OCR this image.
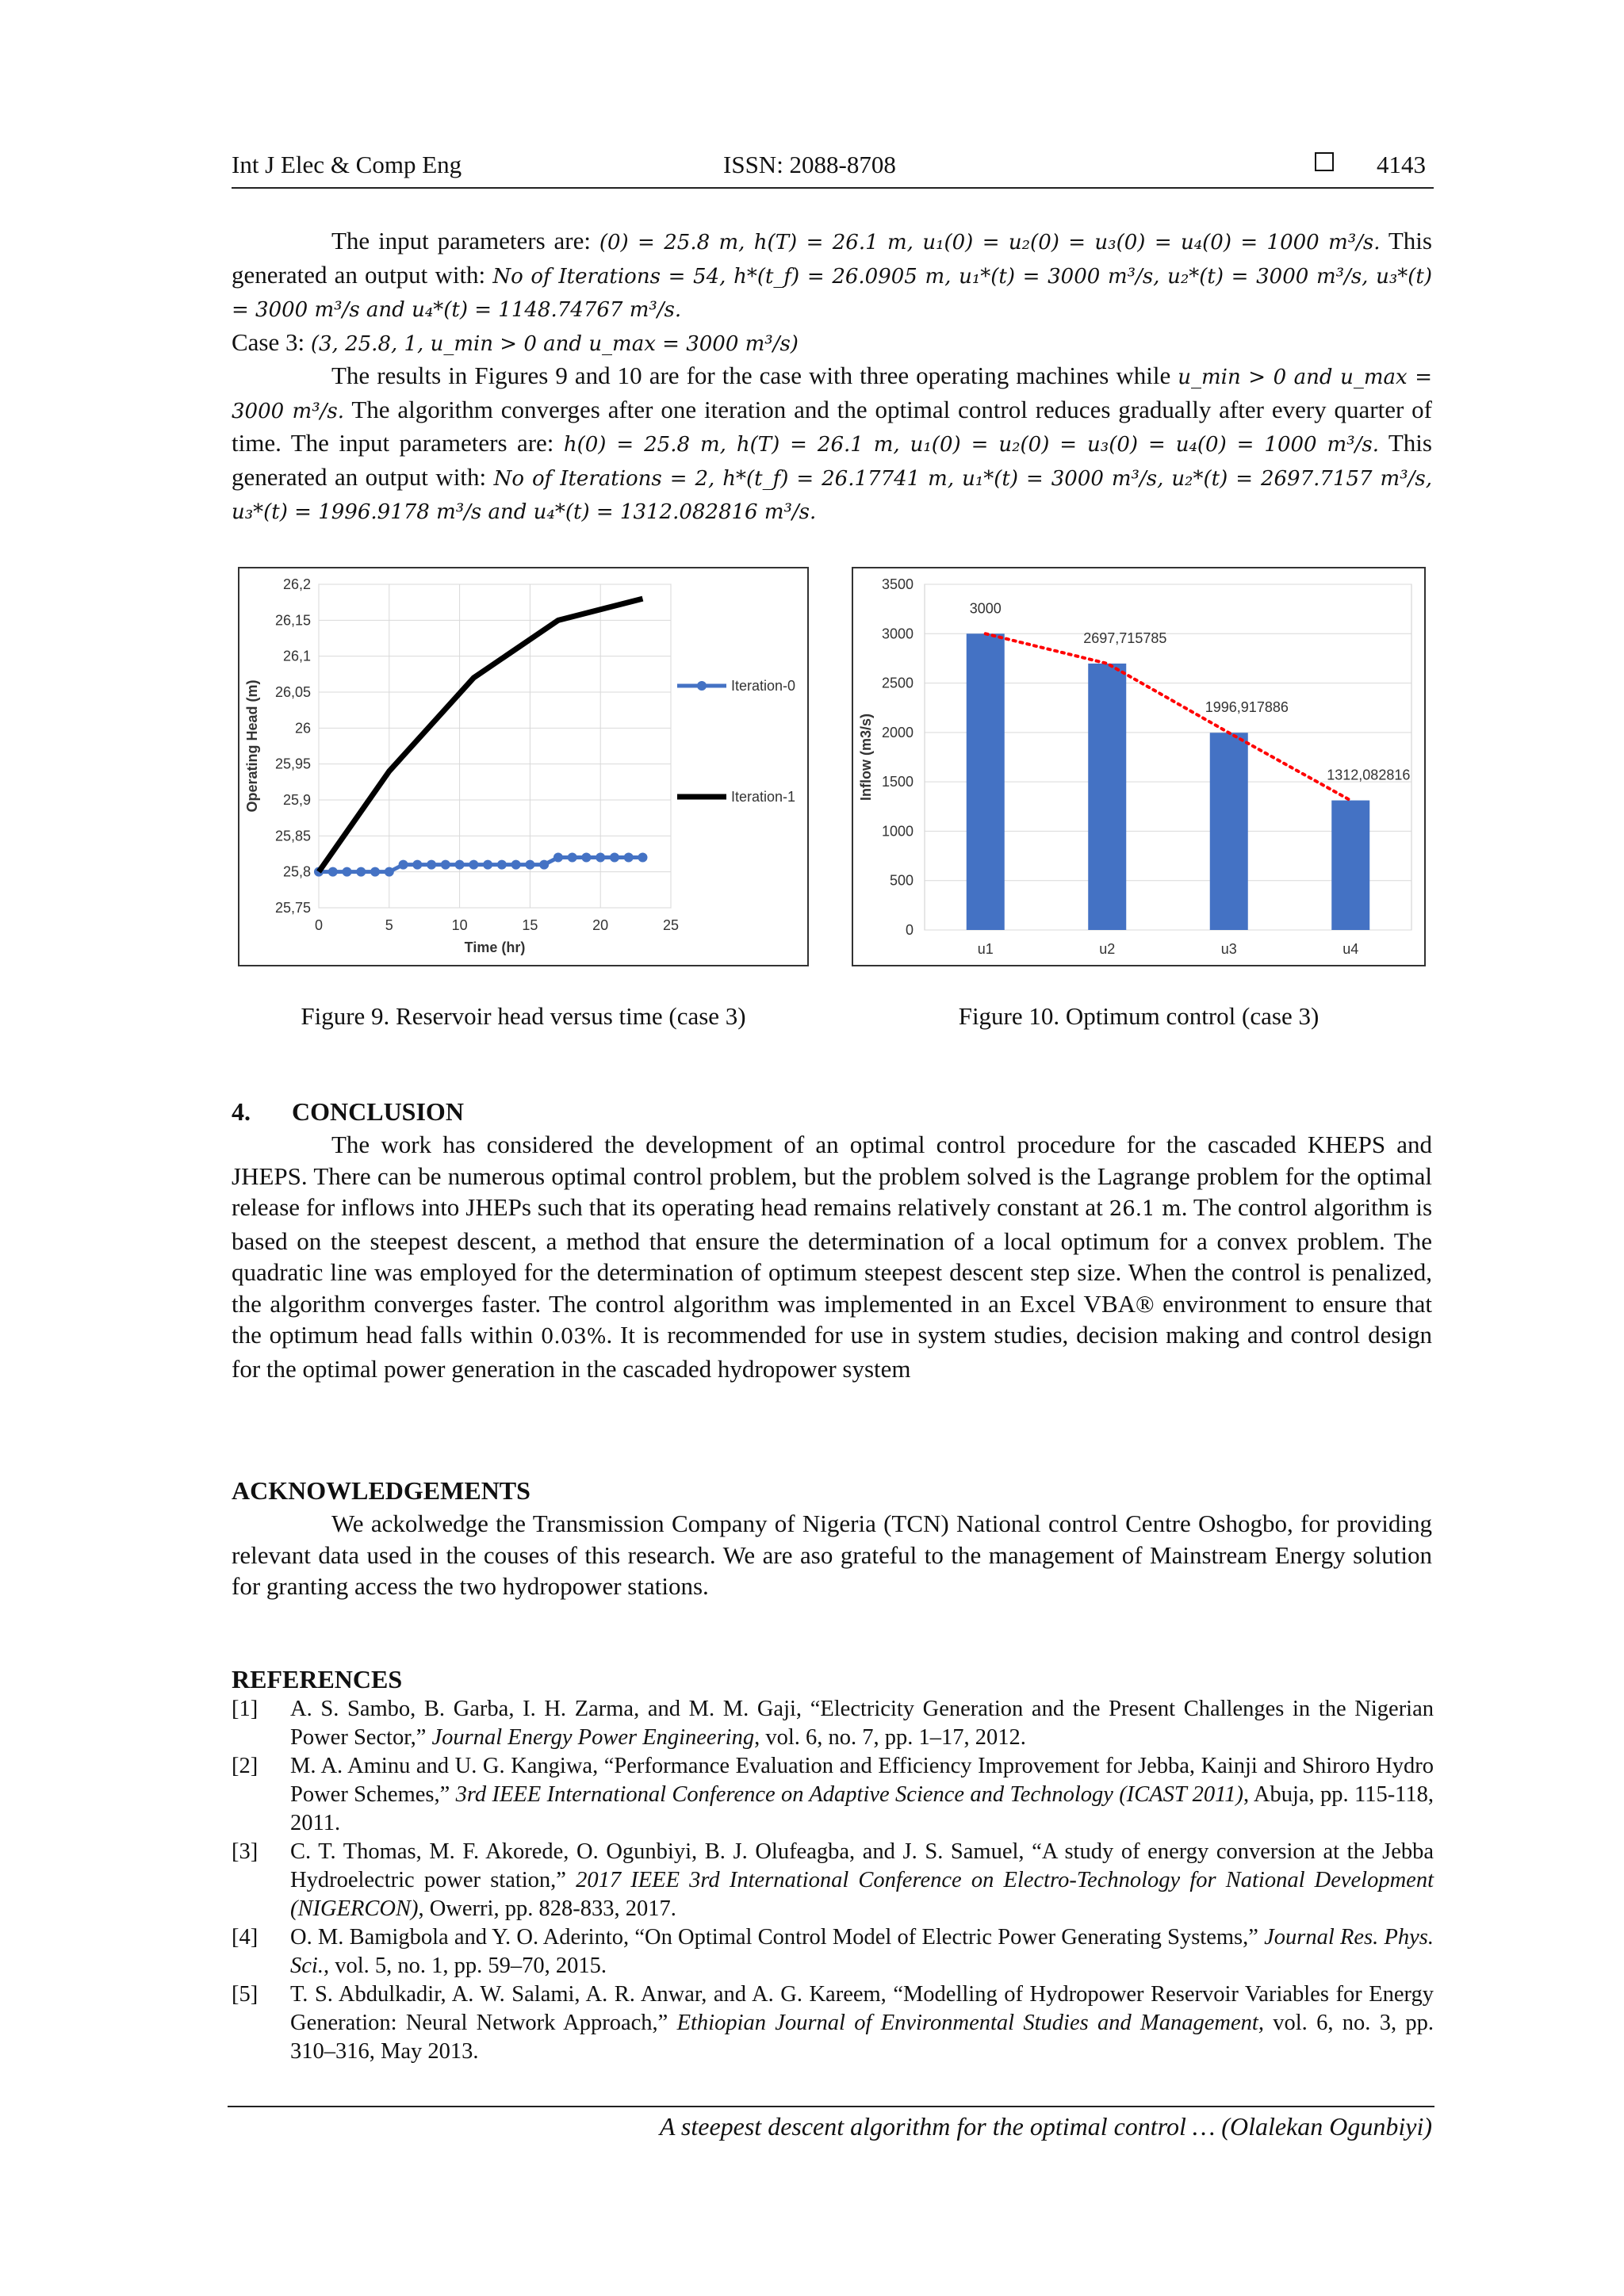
Int J Elec & Comp Eng	ISSN: 2088-8708	4143

The input parameters are: (0) = 25.8 m, h(T) = 26.1 m, u₁(0) = u₂(0) = u₃(0) = u₄(0) = 1000 m³/s. This generated an output with: No of Iterations = 54, h*(t_f) = 26.0905 m, u₁*(t) = 3000 m³/s, u₂*(t) = 3000 m³/s, u₃*(t) = 3000 m³/s and u₄*(t) = 1148.74767 m³/s.

Case 3: (3, 25.8, 1, u_min > 0 and u_max = 3000 m³/s)

The results in Figures 9 and 10 are for the case with three operating machines while u_min > 0 and u_max = 3000 m³/s. The algorithm converges after one iteration and the optimal control reduces gradually after every quarter of time. The input parameters are: h(0) = 25.8 m, h(T) = 26.1 m, u₁(0) = u₂(0) = u₃(0) = u₄(0) = 1000 m³/s. This generated an output with: No of Iterations = 2, h*(t_f) = 26.17741 m, u₁*(t) = 3000 m³/s, u₂*(t) = 2697.7157 m³/s, u₃*(t) = 1996.9178 m³/s and u₄*(t) = 1312.082816 m³/s.

25,75
25,8
25,85
25,9
25,95
26
26,05
26,1
26,15
26,2
0	5	10	15	20	25
Time (hr)
Operating Head (m)	Iteration-0
Iteration-1
Figure 9. Reservoir head versus time (case 3)
0
500
1000
1500
2000
2500
3000
3500
Inflow (m3/s)
u1
3000
u2
2697,715785
u3
1996,917886
u4
1312,082816
Figure 10. Optimum control (case 3)
4. CONCLUSION

The work has considered the development of an optimal control procedure for the cascaded KHEPS and JHEPS. There can be numerous optimal control problem, but the problem solved is the Lagrange problem for the optimal release for inflows into JHEPs such that its operating head remains relatively constant at 26.1 m. The control algorithm is based on the steepest descent, a method that ensure the determination of a local optimum for a convex problem. The quadratic line was employed for the determination of optimum steepest descent step size. When the control is penalized, the algorithm converges faster. The control algorithm was implemented in an Excel VBA® environment to ensure that the optimum head falls within 0.03%. It is recommended for use in system studies, decision making and control design for the optimal power generation in the cascaded hydropower system

ACKNOWLEDGEMENTS

We ackolwedge the Transmission Company of Nigeria (TCN) National control Centre Oshogbo, for providing relevant data used in the couses of this research. We are aso grateful to the management of Mainstream Energy solution for granting access the two hydropower stations.

REFERENCES
[1]	A. S. Sambo, B. Garba, I. H. Zarma, and M. M. Gaji, “Electricity Generation and the Present Challenges in the Nigerian Power Sector,” Journal Energy Power Engineering, vol. 6, no. 7, pp. 1–17, 2012.
[2]	M. A. Aminu and U. G. Kangiwa, “Performance Evaluation and Efficiency Improvement for Jebba, Kainji and Shiroro Hydro Power Schemes,” 3rd IEEE International Conference on Adaptive Science and Technology (ICAST 2011), Abuja, pp. 115-118, 2011.
[3]	C. T. Thomas, M. F. Akorede, O. Ogunbiyi, B. J. Olufeagba, and J. S. Samuel, “A study of energy conversion at the Jebba Hydroelectric power station,” 2017 IEEE 3rd International Conference on Electro-Technology for National Development (NIGERCON), Owerri, pp. 828-833, 2017.
[4]	O. M. Bamigbola and Y. O. Aderinto, “On Optimal Control Model of Electric Power Generating Systems,” Journal Res. Phys. Sci., vol. 5, no. 1, pp. 59–70, 2015.
[5]	T. S. Abdulkadir, A. W. Salami, A. R. Anwar, and A. G. Kareem, “Modelling of Hydropower Reservoir Variables for Energy Generation: Neural Network Approach,” Ethiopian Journal of Environmental Studies and Management, vol. 6, no. 3, pp. 310–316, May 2013.
A steepest descent algorithm for the optimal control … (Olalekan Ogunbiyi)
